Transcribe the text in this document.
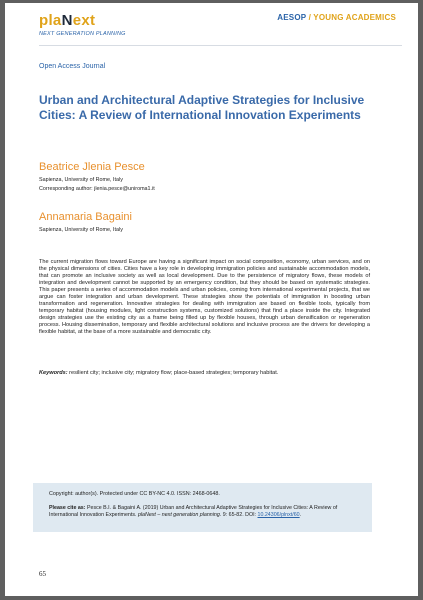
plaNext
NEXT GENERATION PLANNING
AESOP / YOUNG ACADEMICS
Open Access Journal
Urban and Architectural Adaptive Strategies for Inclusive Cities: A Review of International Innovation Experiments
Beatrice Jlenia Pesce
Sapienza, University of Rome, Italy
Corresponding author: jlenia.pesce@uniroma1.it
Annamaria Bagaini
Sapienza, University of Rome, Italy

The current migration flows toward Europe are having a significant impact on social composition, economy, urban services, and on the physical dimensions of cities. Cities have a key role in developing immigration policies and sustainable accommodation models, that can promote an inclusive society as well as local development. Due to the persistence of migratory flows, these models of integration and development cannot be supported by an emergency condition, but they should be based on systematic strategies. This paper presents a series of accommodation models and urban policies, coming from international experimental projects, that we argue can foster integration and urban development. These strategies show the potentials of immigration in boosting urban transformation and regeneration. Innovative strategies for dealing with immigration are based on flexible tools, typically from temporary habitat (housing modules, light construction systems, customized solutions) that find a place inside the city. Integrated design strategies use the existing city as a frame being filled up by flexible houses, through urban densification or regeneration process. Housing dissemination, temporary and flexible architectural solutions and inclusive process are the drivers for developing a flexible habitat, at the base of a more sustainable and democratic city.

Keywords: resilient city; inclusive city; migratory flow; place-based strategies; temporary habitat.

Copyright: author(s). Protected under CC BY-NC 4.0. ISSN: 2468-0648.

Please cite as: Pesce B.I. & Bagaini A. (2019) Urban and Architectural Adaptive Strategies for Inclusive Cities: A Review of International Innovation Experiments. plaNext – next generation planning. 9: 65-82. DOI: 10.24306/plnxt/60.

65
